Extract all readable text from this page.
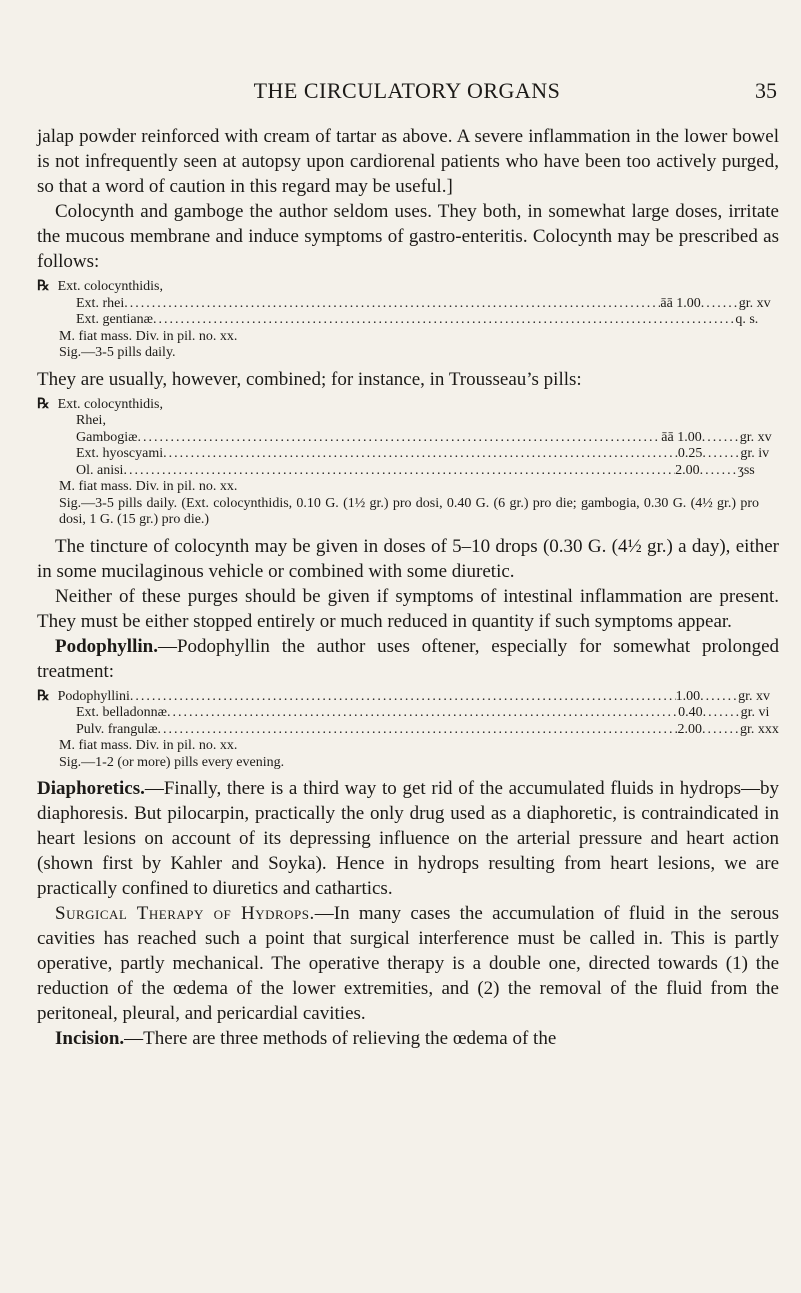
THE CIRCULATORY ORGANS	35

jalap powder reinforced with cream of tartar as above. A severe inflammation in the lower bowel is not infrequently seen at autopsy upon cardiorenal patients who have been too actively purged, so that a word of caution in this regard may be useful.]

Colocynth and gamboge the author seldom uses. They both, in somewhat large doses, irritate the mucous membrane and induce symptoms of gastro-enteritis. Colocynth may be prescribed as follows:

℞ Ext. colocynthidis,
Ext. rhei .....	āā 1.00 .....	gr. xv
Ext. gentianæ .....	q. s.
M. fiat mass. Div. in pil. no. xx.
Sig.—3-5 pills daily.

They are usually, however, combined; for instance, in Trousseau’s pills:

℞ Ext. colocynthidis,
Rhei,
Gambogiæ .....	āā 1.00 .....	gr. xv
Ext. hyoscyami .....	0.25 .....	gr. iv
Ol. anisi .....	2.00 .....	ʒss
M. fiat mass. Div. in pil. no. xx.
Sig.—3-5 pills daily. (Ext. colocynthidis, 0.10 G. (1½ gr.) pro dosi, 0.40 G. (6 gr.) pro die; gambogia, 0.30 G. (4½ gr.) pro dosi, 1 G. (15 gr.) pro die.)

The tincture of colocynth may be given in doses of 5–10 drops (0.30 G. (4½ gr.) a day), either in some mucilaginous vehicle or combined with some diuretic.

Neither of these purges should be given if symptoms of intestinal inflammation are present. They must be either stopped entirely or much reduced in quantity if such symptoms appear.

Podophyllin.—Podophyllin the author uses oftener, especially for somewhat prolonged treatment:

℞ Podophyllini .....	1.00 .....	gr. xv
Ext. belladonnæ .....	0.40 .....	gr. vi
Pulv. frangulæ .....	2.00 .....	gr. xxx
M. fiat mass. Div. in pil. no. xx.
Sig.—1-2 (or more) pills every evening.

Diaphoretics.—Finally, there is a third way to get rid of the accumulated fluids in hydrops—by diaphoresis. But pilocarpin, practically the only drug used as a diaphoretic, is contraindicated in heart lesions on account of its depressing influence on the arterial pressure and heart action (shown first by Kahler and Soyka). Hence in hydrops resulting from heart lesions, we are practically confined to diuretics and cathartics.

Surgical Therapy of Hydrops.—In many cases the accumulation of fluid in the serous cavities has reached such a point that surgical interference must be called in. This is partly operative, partly mechanical. The operative therapy is a double one, directed towards (1) the reduction of the œdema of the lower extremities, and (2) the removal of the fluid from the peritoneal, pleural, and pericardial cavities.

Incision.—There are three methods of relieving the œdema of the
